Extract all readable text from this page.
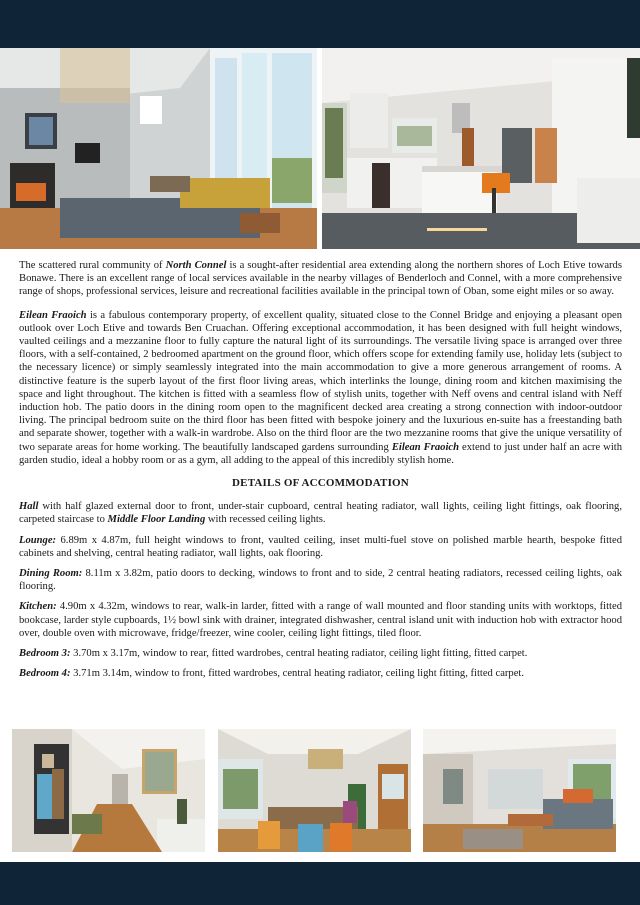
The scattered rural community of North Connel is a sought-after residential area extending along the northern shores of Loch Etive towards Bonawe. There is an excellent range of local services available in the nearby villages of Benderloch and Connel, with a more comprehensive range of shops, professional services, leisure and recreational facilities available in the principal town of Oban, some eight miles or so away.

Eilean Fraoich is a fabulous contemporary property, of excellent quality, situated close to the Connel Bridge and enjoying a pleasant open outlook over Loch Etive and towards Ben Cruachan. Offering exceptional accommodation, it has been designed with full height windows, vaulted ceilings and a mezzanine floor to fully capture the natural light of its surroundings. The versatile living space is arranged over three floors, with a self-contained, 2 bedroomed apartment on the ground floor, which offers scope for extending family use, holiday lets (subject to the necessary licence) or simply seamlessly integrated into the main accommodation to give a more generous arrangement of rooms. A distinctive feature is the superb layout of the first floor living areas, which interlinks the lounge, dining room and kitchen maximising the space and light throughout. The kitchen is fitted with a seamless flow of stylish units, together with Neff ovens and central island with Neff induction hob. The patio doors in the dining room open to the magnificent decked area creating a strong connection with indoor-outdoor living. The principal bedroom suite on the third floor has been fitted with bespoke joinery and the luxurious en-suite has a freestanding bath and separate shower, together with a walk-in wardrobe. Also on the third floor are the two mezzanine rooms that give the unique versatility of two separate areas for home working. The beautifully landscaped gardens surrounding Eilean Fraoich extend to just under half an acre with garden studio, ideal a hobby room or as a gym, all adding to the appeal of this incredibly stylish home.

DETAILS OF ACCOMMODATION

Hall with half glazed external door to front, under-stair cupboard, central heating radiator, wall lights, ceiling light fittings, oak flooring, carpeted staircase to Middle Floor Landing with recessed ceiling lights.

Lounge: 6.89m x 4.87m, full height windows to front, vaulted ceiling, inset multi-fuel stove on polished marble hearth, bespoke fitted cabinets and shelving, central heating radiator, wall lights, oak flooring.

Dining Room: 8.11m x 3.82m, patio doors to decking, windows to front and to side, 2 central heating radiators, recessed ceiling lights, oak flooring.

Kitchen: 4.90m x 4.32m, windows to rear, walk-in larder, fitted with a range of wall mounted and floor standing units with worktops, fitted bookcase, larder style cupboards, 1½ bowl sink with drainer, integrated dishwasher, central island unit with induction hob with extractor hood over, double oven with microwave, fridge/freezer, wine cooler, ceiling light fittings, tiled floor.

Bedroom 3: 3.70m x 3.17m, window to rear, fitted wardrobes, central heating radiator, ceiling light fitting, fitted carpet.

Bedroom 4: 3.71m 3.14m, window to front, fitted wardrobes, central heating radiator, ceiling light fitting, fitted carpet.
